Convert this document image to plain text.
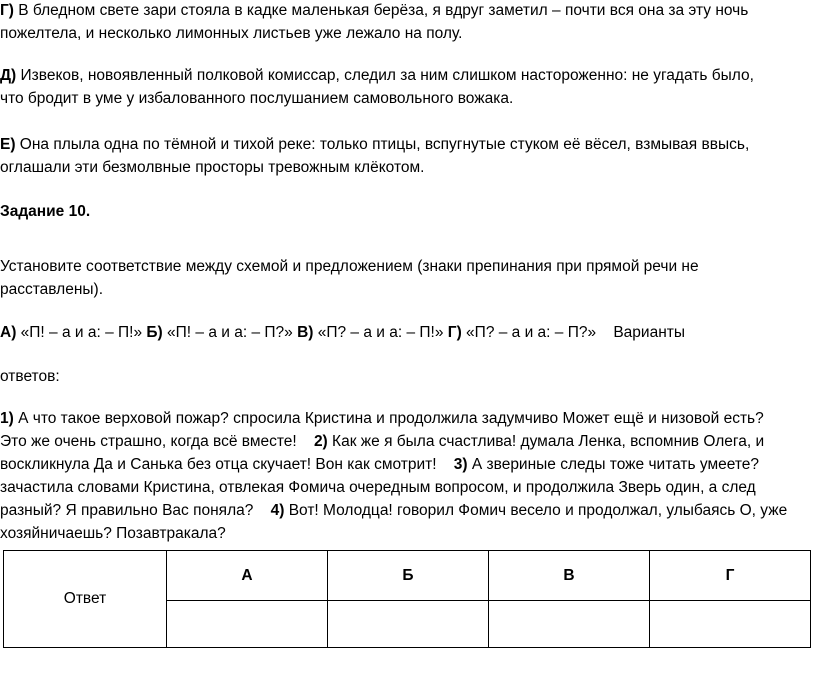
Г) В бледном свете зари стояла в кадке маленькая берёза, я вдруг заметил – почти вся она за эту ночь

пожелтела, и несколько лимонных листьев уже лежало на полу.

Д) Извеков, новоявленный полковой комиссар, следил за ним слишком настороженно: не угадать было,

что бродит в уме у избалованного послушанием самовольного вожака.

Е) Она плыла одна по тёмной и тихой реке: только птицы, вспугнутые стуком её вёсел, взмывая ввысь,

оглашали эти безмолвные просторы тревожным клёкотом.

Задание 10.

Установите соответствие между схемой и предложением (знаки препинания при прямой речи не

расставлены).

А) «П! – а и а: – П!» Б) «П! – а и а: – П?» В) «П? – а и а: – П!» Г) «П? – а и а: – П?» Варианты

ответов:

1) А что такое верховой пожар? спросила Кристина и продолжила задумчиво Может ещё и низовой есть?

Это же очень страшно, когда всё вместе!    2) Как же я была счастлива! думала Ленка, вспомнив Олега, и

воскликнула Да и Санька без отца скучает! Вон как смотрит!    3) А звериные следы тоже читать умеете?

зачастила словами Кристина, отвлекая Фомича очередным вопросом, и продолжила Зверь один, а след

разный? Я правильно Вас поняла?    4) Вот! Молодца! говорил Фомич весело и продолжал, улыбаясь О, уже

хозяйничаешь? Позавтракала?

Ответ	А	Б	В	Г
